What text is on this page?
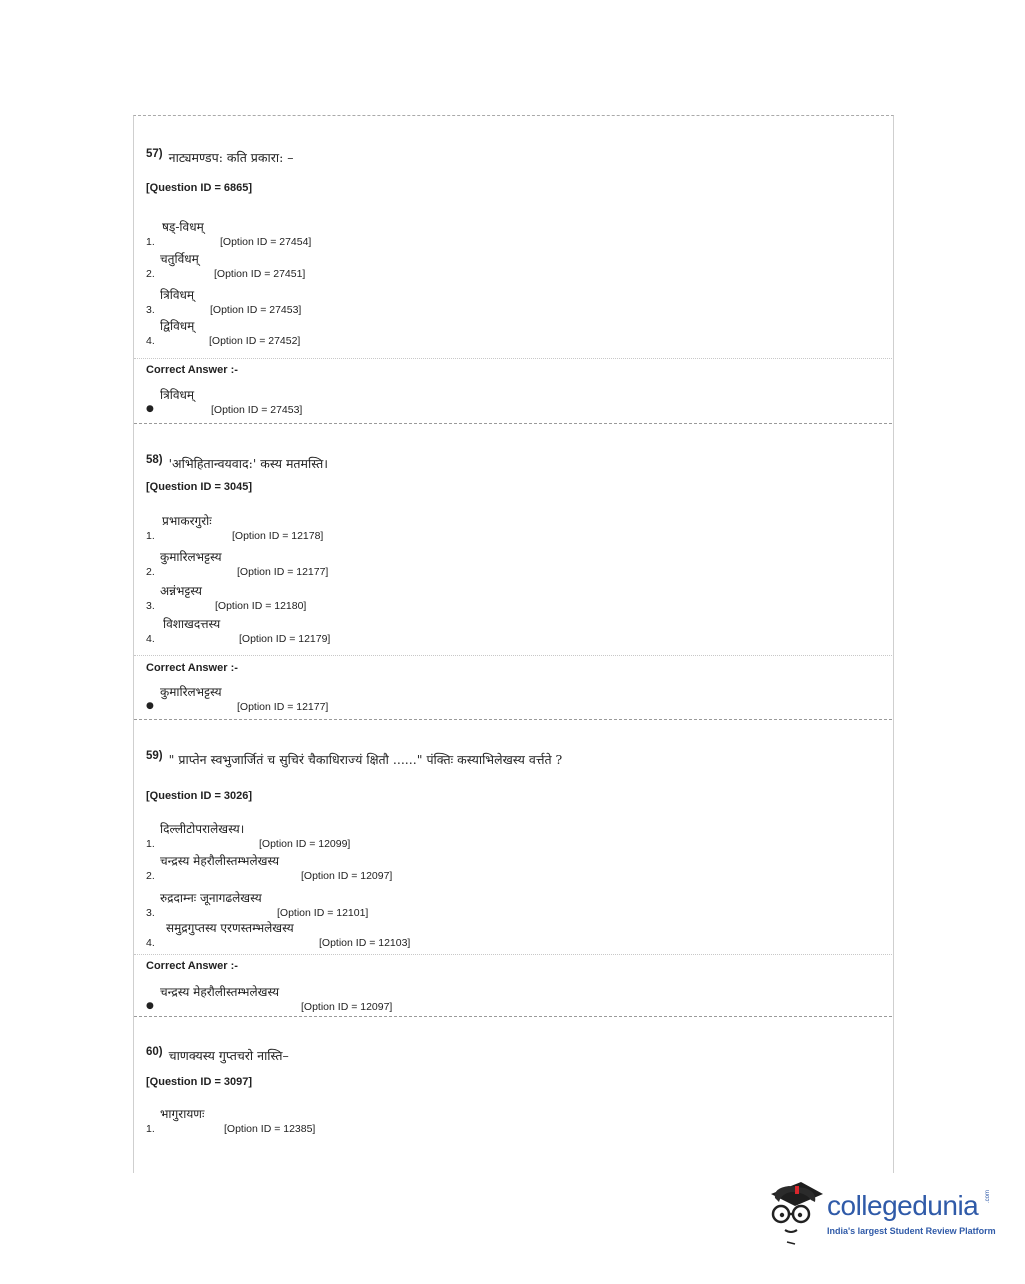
57) $_{नाट्यमण्डप: कति प्रकारा: -}$
[Question ID = 6865]
1.
षड्-विधम्
[Option ID = 27454]
2.
चतुर्विधम्
[Option ID = 27451]
3.
त्रिविधम्
[Option ID = 27453]
4.
द्विविधम्
[Option ID = 27452]
Correct Answer :-
●
त्रिविधम्
[Option ID = 27453]
58) $_{'अभिहितान्वयवाद:' कस्य मतमस्ति।}$
[Question ID = 3045]
1.
प्रभाकरगुरोः
[Option ID = 12178]
2.
कुमारिलभट्टस्य
[Option ID = 12177]
3.
अन्नंभट्टस्य
[Option ID = 12180]
4.
विशाखदत्तस्य
[Option ID = 12179]
Correct Answer :-
●
कुमारिलभट्टस्य
[Option ID = 12177]
59) $_{" प्राप्तेन स्वभुजार्जितं च सुचिरं चैकाधिराज्यं क्षितौ ......" पंक्तिः कस्याभिलेखस्य वर्त्तते ?}$
[Question ID = 3026]
1.
दिल्लीटोपरालेखस्य।
[Option ID = 12099]
2.
चन्द्रस्य मेहरौलीस्तम्भलेखस्य
[Option ID = 12097]
3.
रुद्रदाम्नः जूनागढलेखस्य
[Option ID = 12101]
4.
समुद्रगुप्तस्य एरणस्तम्भलेखस्य
[Option ID = 12103]
Correct Answer :-
●
चन्द्रस्य मेहरौलीस्तम्भलेखस्य
[Option ID = 12097]
60) $_{चाणक्यस्य गुप्तचरो नास्ति-}$
[Question ID = 3097]
1.
भागुरायणः
[Option ID = 12385]
collegedunia .com
India's largest Student Review Platform
